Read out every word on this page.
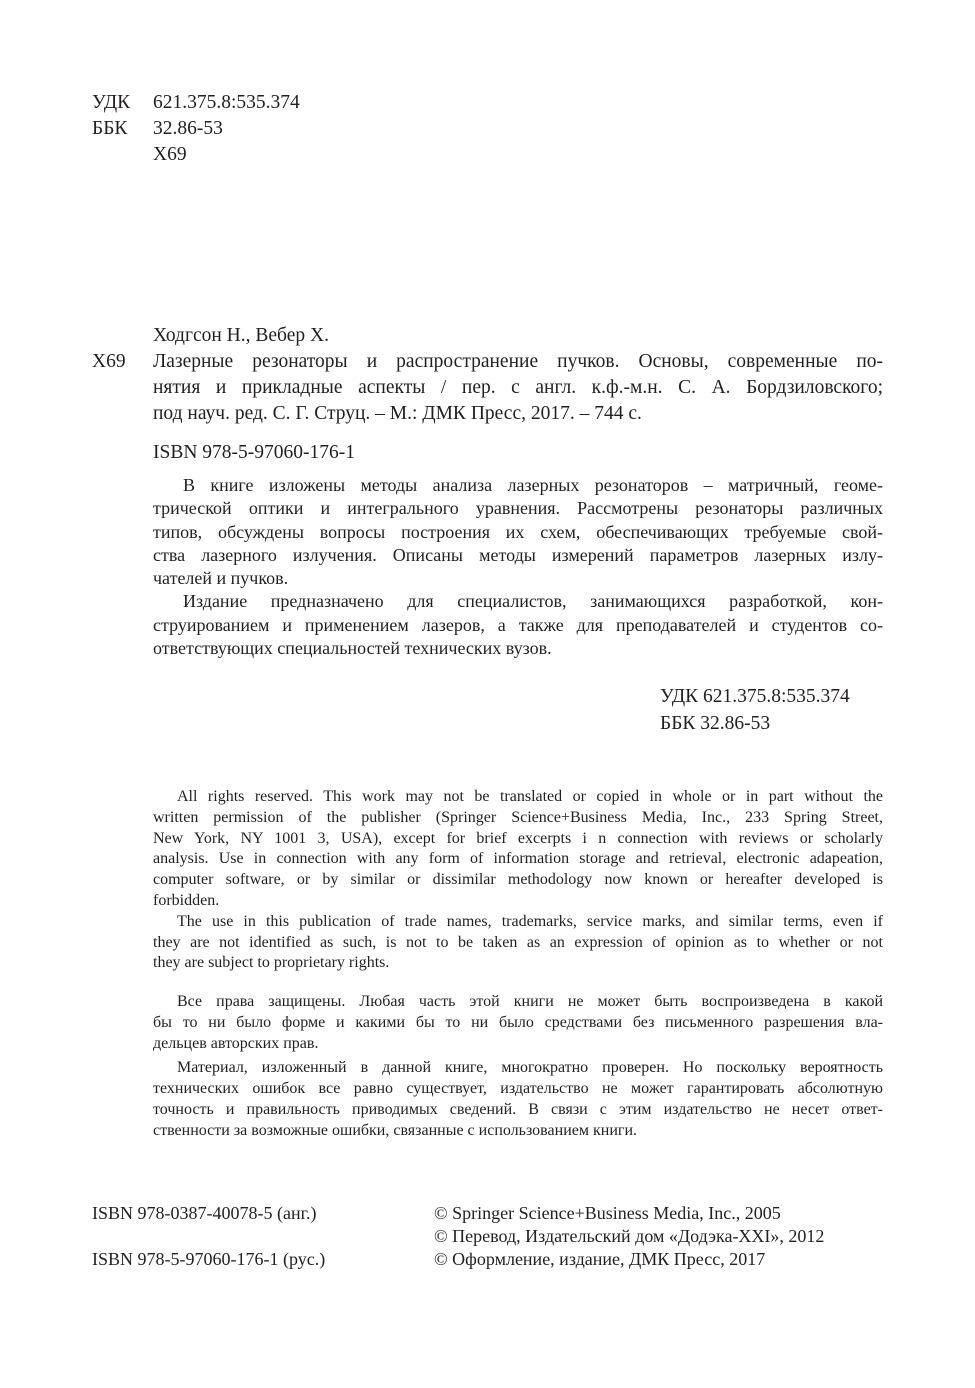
УДК 621.375.8:535.374
ББК 32.86-53
Х69
Ходгсон Н., Вебер Х.
Х69 Лазерные резонаторы и распространение пучков. Основы, современные по-
нятия и прикладные аспекты / пер. с англ. к.ф.-м.н. С. А. Бордзиловского;
под науч. ред. С. Г. Струц. – М.: ДМК Пресс, 2017. – 744 с.
ISBN 978-5-97060-176-1
В книге изложены методы анализа лазерных резонаторов – матричный, геоме-
трической оптики и интегрального уравнения. Рассмотрены резонаторы различных
типов, обсуждены вопросы построения их схем, обеспечивающих требуемые свой-
ства лазерного излучения. Описаны методы измерений параметров лазерных излу-
чателей и пучков.
Издание предназначено для специалистов, занимающихся разработкой, кон-
струированием и применением лазеров, а также для преподавателей и студентов со-
ответствующих специальностей технических вузов.
УДК 621.375.8:535.374
ББК 32.86-53
All rights reserved. This work may not be translated or copied in whole or in part without the
written permission of the publisher (Springer Science+Business Media, Inc., 233 Spring Street,
New York, NY 1001 3, USA), except for brief excerpts i n connection with reviews or scholarly
analysis. Use in connection with any form of information storage and retrieval, electronic adapeation,
computer software, or by similar or dissimilar methodology now known or hereafter developed is
forbidden.
The use in this publication of trade names, trademarks, service marks, and similar terms, even if
they are not identified as such, is not to be taken as an expression of opinion as to whether or not
they are subject to proprietary rights.
Все права защищены. Любая часть этой книги не может быть воспроизведена в какой
бы то ни было форме и какими бы то ни было средствами без письменного разрешения вла-
дельцев авторских прав.
Материал, изложенный в данной книге, многократно проверен. Но поскольку вероятность
технических ошибок все равно существует, издательство не может гарантировать абсолютную
точность и правильность приводимых сведений. В связи с этим издательство не несет ответ-
ственности за возможные ошибки, связанные с использованием книги.
ISBN 978-0387-40078-5 (анг.)
ISBN 978-5-97060-176-1 (рус.)
© Springer Science+Business Media, Inc., 2005
© Перевод, Издательский дом «Додэка-XXI», 2012
© Оформление, издание, ДМК Пресс, 2017
